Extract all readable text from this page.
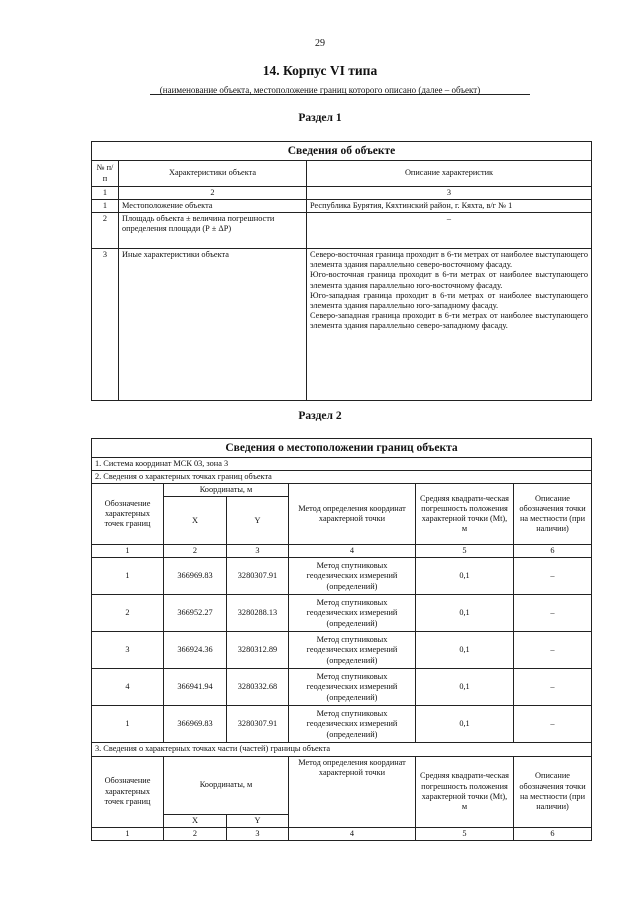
29
14. Корпус VI типа
(наименование объекта, местоположение границ которого описано (далее – объект)
Раздел 1
Сведения об объекте		
№ п/п	Характеристики объекта	Описание характеристик
1	2	3
1	Местоположение объекта	Республика Бурятия, Кяхтинский район, г. Кяхта, в/г № 1
2	Площадь объекта ± величина погрешности определения площади (Р ± ΔР)	–
3	Иные характеристики объекта	Северо-восточная граница проходит в 6-ти метрах от наиболее выступающего элемента здания параллельно северо-восточному фасаду.

Юго-восточная граница проходит в 6-ти метрах от наиболее выступающего элемента здания параллельно юго-восточному фасаду.

Юго-западная граница проходит в 6-ти метрах от наиболее выступающего элемента здания параллельно юго-западному фасаду.

Северо-западная граница проходит в 6-ти метрах от наиболее выступающего элемента здания параллельно северо-западному фасаду.

Раздел 2
Сведения о местоположении границ объекта					
1. Система координат МСК 03, зона 3					
2. Сведения о характерных точках границ объекта					
Обозначение характерных точек границ	Координаты, м		Метод определения координат характерной точки	Средняя квадрати-ческая погрешность положения характерной точки (Mt), м	Описание обозначения точки на местности (при наличии)
	X	Y			
1	2	3	4	5	6
1	366969.83	3280307.91	Метод спутниковых геодезических измерений (определений)	0,1	–
2	366952.27	3280288.13	Метод спутниковых геодезических измерений (определений)	0,1	–
3	366924.36	3280312.89	Метод спутниковых геодезических измерений (определений)	0,1	–
4	366941.94	3280332.68	Метод спутниковых геодезических измерений (определений)	0,1	–
1	366969.83	3280307.91	Метод спутниковых геодезических измерений (определений)	0,1	–
3. Сведения о характерных точках части (частей) границы объекта					
Обозначение характерных точек границ	Координаты, м		Метод определения координат характерной точки	Средняя квадрати-ческая погрешность положения характерной точки (Mt), м	Описание обозначения точки на местности (при наличии)
	X	Y			
1	2	3	4	5	6
